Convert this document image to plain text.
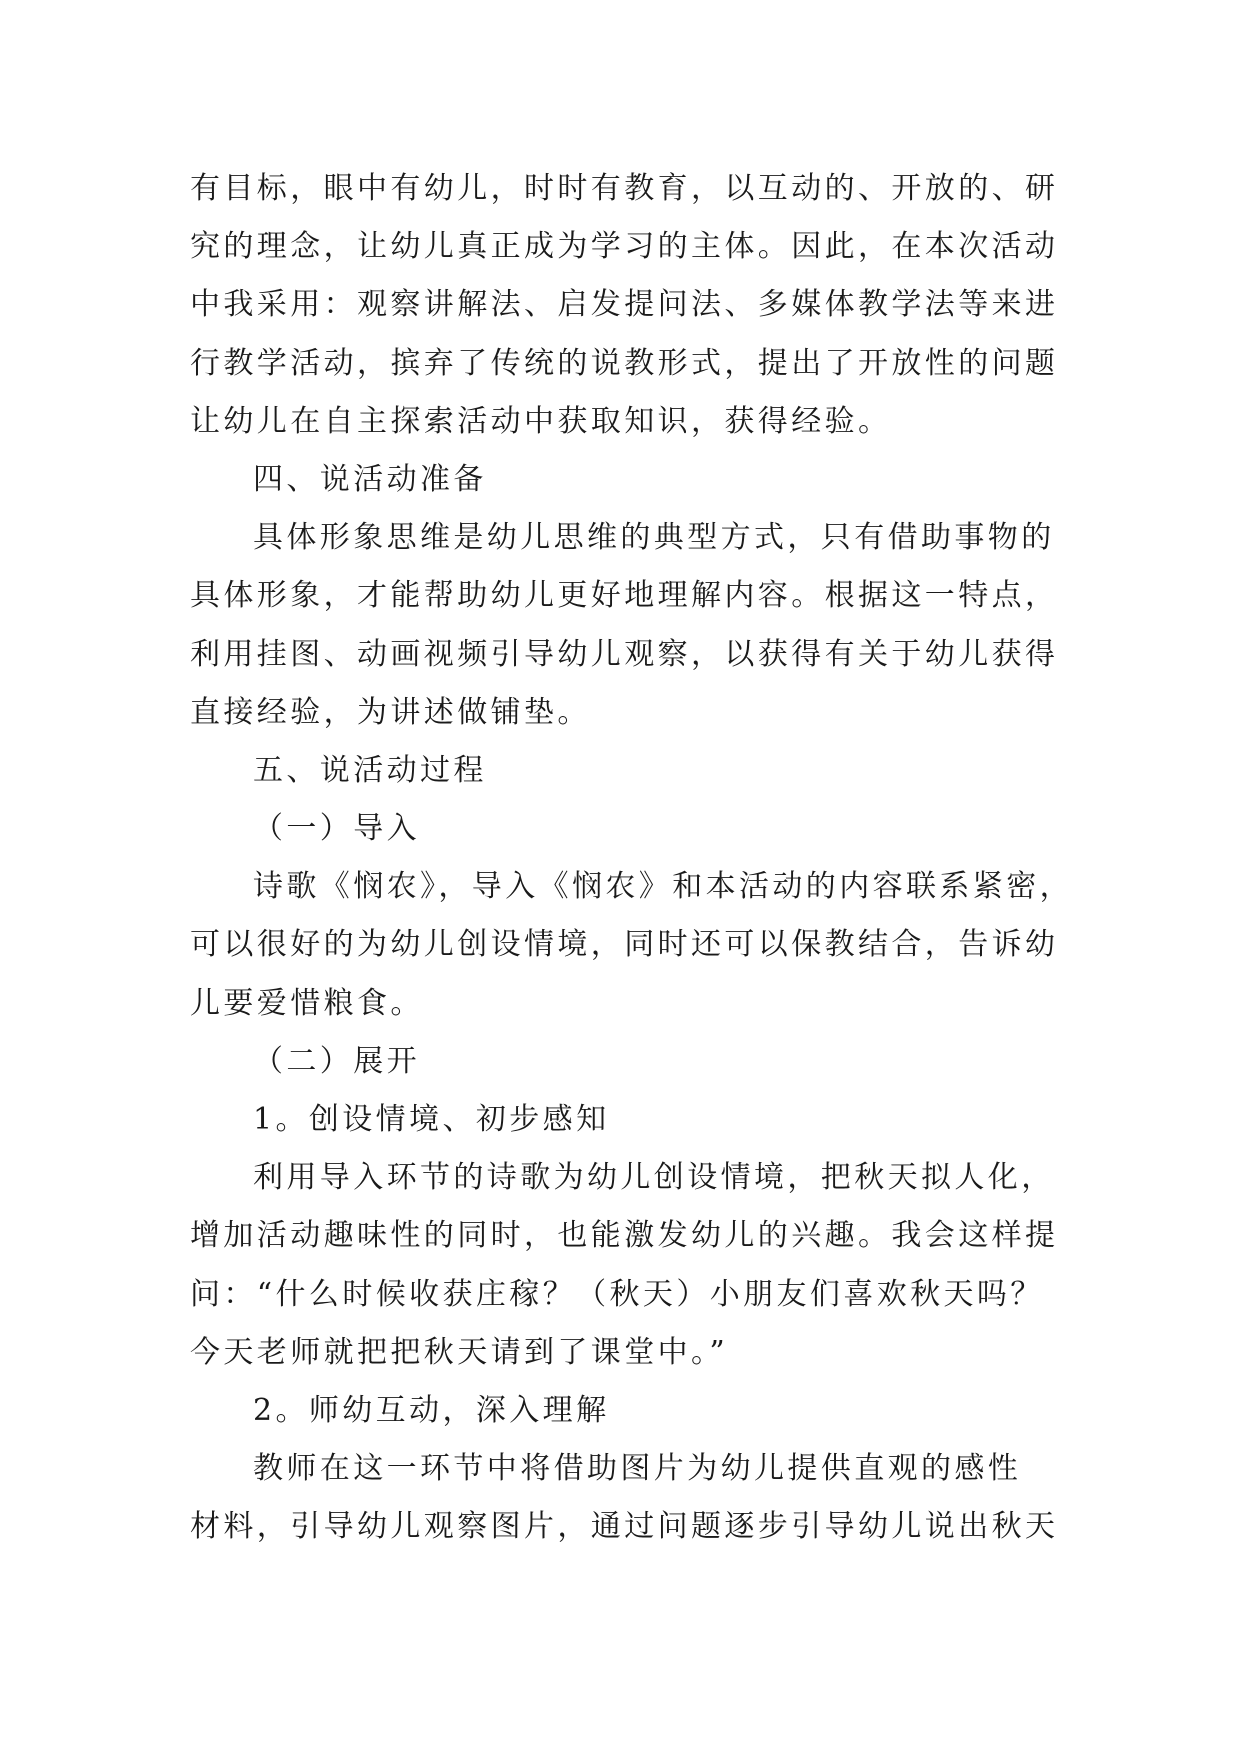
有目标，眼中有幼儿，时时有教育，以互动的、开放的、研
究的理念，让幼儿真正成为学习的主体。因此，在本次活动
中我采用：观察讲解法、启发提问法、多媒体教学法等来进
行教学活动，摈弃了传统的说教形式，提出了开放性的问题
让幼儿在自主探索活动中获取知识，获得经验。
四、说活动准备
具体形象思维是幼儿思维的典型方式，只有借助事物的
具体形象，才能帮助幼儿更好地理解内容。根据这一特点，
利用挂图、动画视频引导幼儿观察，以获得有关于幼儿获得
直接经验，为讲述做铺垫。
五、说活动过程
（一）导入
诗歌《悯农》，导入《悯农》和本活动的内容联系紧密，
可以很好的为幼儿创设情境，同时还可以保教结合，告诉幼
儿要爱惜粮食。
（二）展开
1。创设情境、初步感知
利用导入环节的诗歌为幼儿创设情境，把秋天拟人化，
增加活动趣味性的同时，也能激发幼儿的兴趣。我会这样提
问：“什么时候收获庄稼？（秋天）小朋友们喜欢秋天吗？
今天老师就把把秋天请到了课堂中。”
2。师幼互动，深入理解
教师在这一环节中将借助图片为幼儿提供直观的感性
材料，引导幼儿观察图片，通过问题逐步引导幼儿说出秋天
